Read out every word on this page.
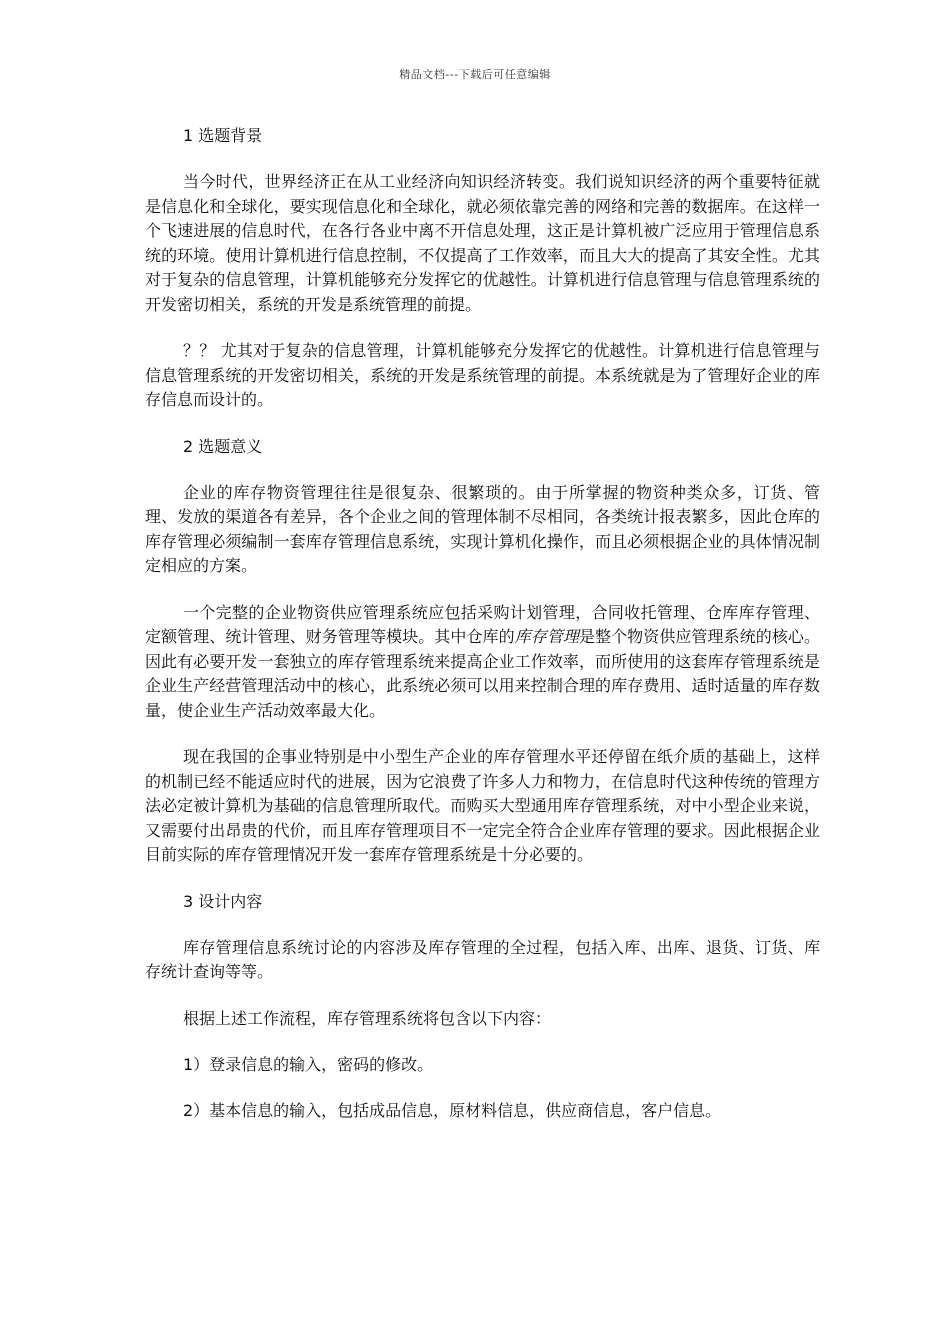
精品文档---下载后可任意编辑
1 选题背景

当今时代，世界经济正在从工业经济向知识经济转变。我们说知识经济的两个重要特征就是信息化和全球化，要实现信息化和全球化，就必须依靠完善的网络和完善的数据库。在这样一个飞速进展的信息时代，在各行各业中离不开信息处理，这正是计算机被广泛应用于管理信息系统的环境。使用计算机进行信息控制，不仅提高了工作效率，而且大大的提高了其安全性。尤其对于复杂的信息管理，计算机能够充分发挥它的优越性。计算机进行信息管理与信息管理系统的开发密切相关，系统的开发是系统管理的前提。

？？ 尤其对于复杂的信息管理，计算机能够充分发挥它的优越性。计算机进行信息管理与信息管理系统的开发密切相关，系统的开发是系统管理的前提。本系统就是为了管理好企业的库存信息而设计的。

2 选题意义

企业的库存物资管理往往是很复杂、很繁琐的。由于所掌握的物资种类众多，订货、管理、发放的渠道各有差异，各个企业之间的管理体制不尽相同，各类统计报表繁多，因此仓库的库存管理必须编制一套库存管理信息系统，实现计算机化操作，而且必须根据企业的具体情况制定相应的方案。

一个完整的企业物资供应管理系统应包括采购计划管理，合同收托管理、仓库库存管理、定额管理、统计管理、财务管理等模块。其中仓库的库存管理是整个物资供应管理系统的核心。因此有必要开发一套独立的库存管理系统来提高企业工作效率，而所使用的这套库存管理系统是企业生产经营管理活动中的核心，此系统必须可以用来控制合理的库存费用、适时适量的库存数量，使企业生产活动效率最大化。

现在我国的企事业特别是中小型生产企业的库存管理水平还停留在纸介质的基础上，这样的机制已经不能适应时代的进展，因为它浪费了许多人力和物力，在信息时代这种传统的管理方法必定被计算机为基础的信息管理所取代。而购买大型通用库存管理系统，对中小型企业来说，又需要付出昂贵的代价，而且库存管理项目不一定完全符合企业库存管理的要求。因此根据企业目前实际的库存管理情况开发一套库存管理系统是十分必要的。

3 设计内容

库存管理信息系统讨论的内容涉及库存管理的全过程，包括入库、出库、退货、订货、库存统计查询等等。

根据上述工作流程，库存管理系统将包含以下内容：

1）登录信息的输入，密码的修改。
2）基本信息的输入，包括成品信息，原材料信息，供应商信息，客户信息。
